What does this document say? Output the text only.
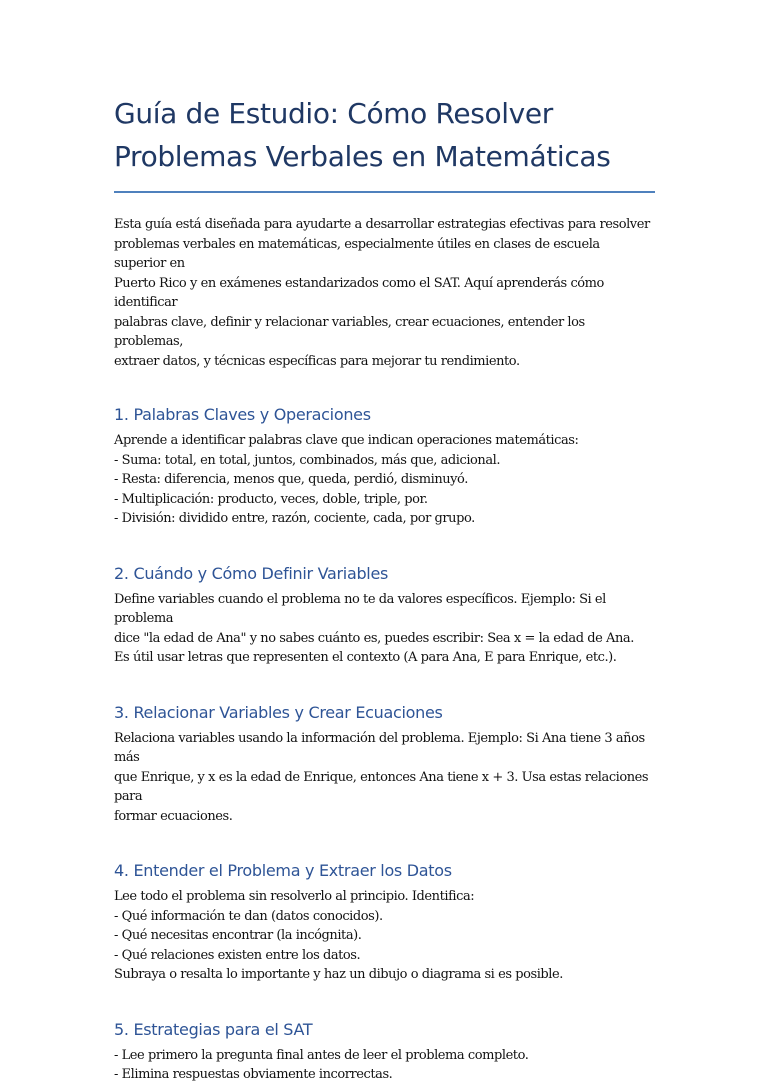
Guía de Estudio: Cómo Resolver
Problemas Verbales en Matemáticas

Esta guía está diseñada para ayudarte a desarrollar estrategias efectivas para resolver
problemas verbales en matemáticas, especialmente útiles en clases de escuela superior en
Puerto Rico y en exámenes estandarizados como el SAT. Aquí aprenderás cómo identificar
palabras clave, definir y relacionar variables, crear ecuaciones, entender los problemas,
extraer datos, y técnicas específicas para mejorar tu rendimiento.

1. Palabras Claves y Operaciones

Aprende a identificar palabras clave que indican operaciones matemáticas:
- Suma: total, en total, juntos, combinados, más que, adicional.
- Resta: diferencia, menos que, queda, perdió, disminuyó.
- Multiplicación: producto, veces, doble, triple, por.
- División: dividido entre, razón, cociente, cada, por grupo.

2. Cuándo y Cómo Definir Variables

Define variables cuando el problema no te da valores específicos. Ejemplo: Si el problema
dice "la edad de Ana" y no sabes cuánto es, puedes escribir: Sea x = la edad de Ana.
Es útil usar letras que representen el contexto (A para Ana, E para Enrique, etc.).

3. Relacionar Variables y Crear Ecuaciones

Relaciona variables usando la información del problema. Ejemplo: Si Ana tiene 3 años más
que Enrique, y x es la edad de Enrique, entonces Ana tiene x + 3. Usa estas relaciones para
formar ecuaciones.

4. Entender el Problema y Extraer los Datos

Lee todo el problema sin resolverlo al principio. Identifica:
- Qué información te dan (datos conocidos).
- Qué necesitas encontrar (la incógnita).
- Qué relaciones existen entre los datos.
Subraya o resalta lo importante y haz un dibujo o diagrama si es posible.

5. Estrategias para el SAT

- Lee primero la pregunta final antes de leer el problema completo.
- Elimina respuestas obviamente incorrectas.
